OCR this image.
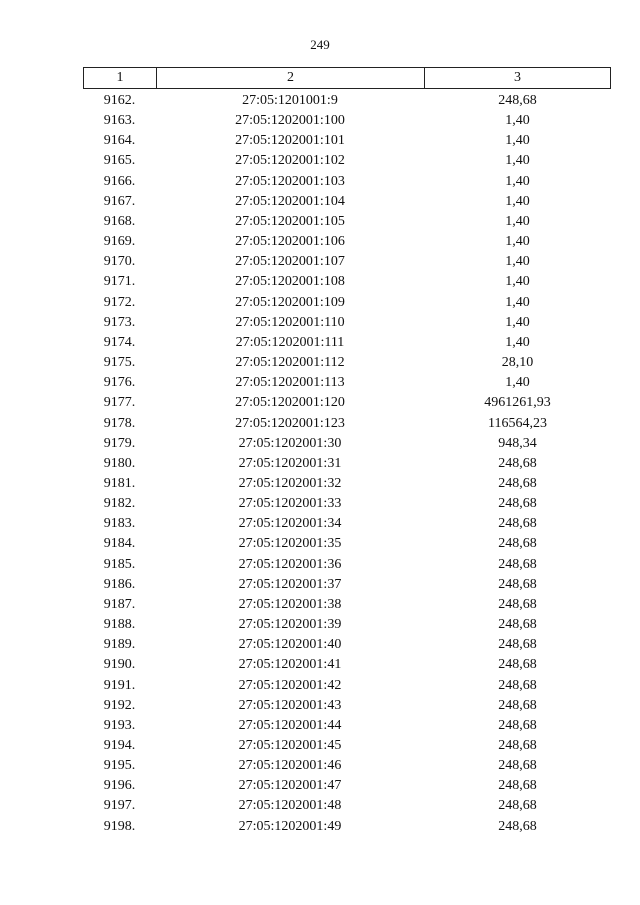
249
1	2	3
9162.	27:05:1201001:9	248,68
9163.	27:05:1202001:100	1,40
9164.	27:05:1202001:101	1,40
9165.	27:05:1202001:102	1,40
9166.	27:05:1202001:103	1,40
9167.	27:05:1202001:104	1,40
9168.	27:05:1202001:105	1,40
9169.	27:05:1202001:106	1,40
9170.	27:05:1202001:107	1,40
9171.	27:05:1202001:108	1,40
9172.	27:05:1202001:109	1,40
9173.	27:05:1202001:110	1,40
9174.	27:05:1202001:111	1,40
9175.	27:05:1202001:112	28,10
9176.	27:05:1202001:113	1,40
9177.	27:05:1202001:120	4961261,93
9178.	27:05:1202001:123	116564,23
9179.	27:05:1202001:30	948,34
9180.	27:05:1202001:31	248,68
9181.	27:05:1202001:32	248,68
9182.	27:05:1202001:33	248,68
9183.	27:05:1202001:34	248,68
9184.	27:05:1202001:35	248,68
9185.	27:05:1202001:36	248,68
9186.	27:05:1202001:37	248,68
9187.	27:05:1202001:38	248,68
9188.	27:05:1202001:39	248,68
9189.	27:05:1202001:40	248,68
9190.	27:05:1202001:41	248,68
9191.	27:05:1202001:42	248,68
9192.	27:05:1202001:43	248,68
9193.	27:05:1202001:44	248,68
9194.	27:05:1202001:45	248,68
9195.	27:05:1202001:46	248,68
9196.	27:05:1202001:47	248,68
9197.	27:05:1202001:48	248,68
9198.	27:05:1202001:49	248,68
